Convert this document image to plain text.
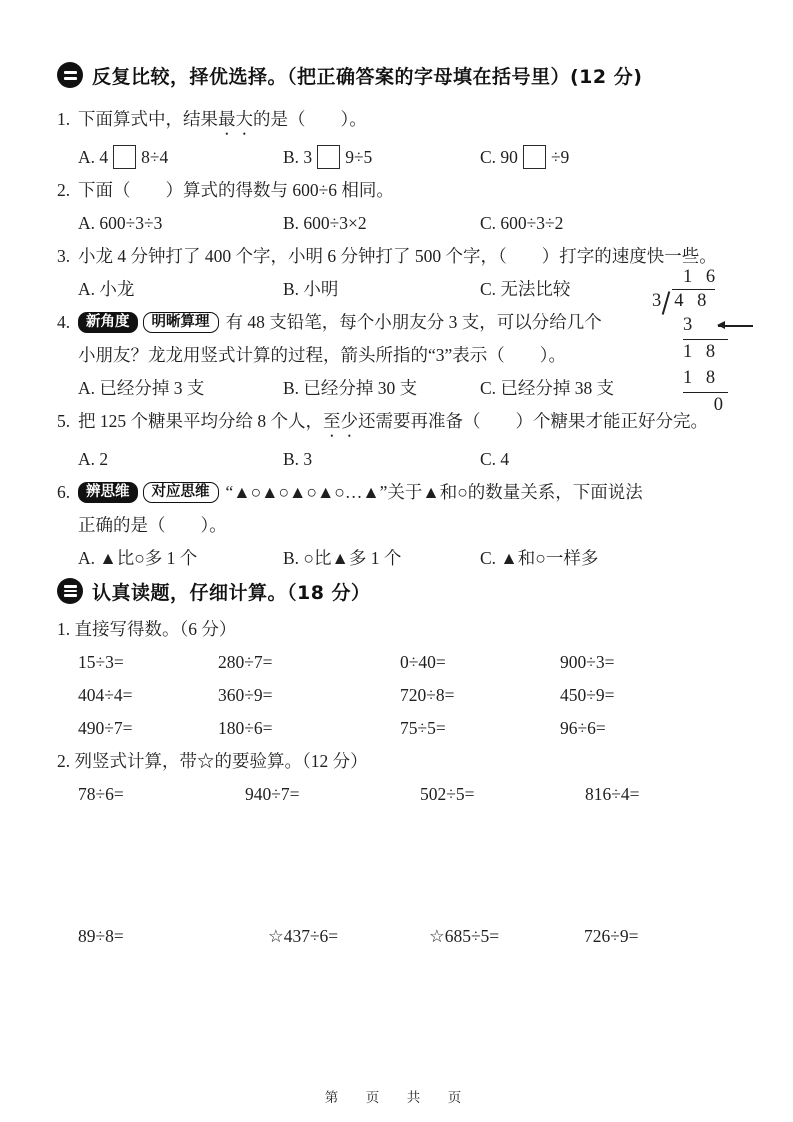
反复比较，择优选择。（把正确答案的字母填在括号里）(12 分)
1. 下面算式中，结果最大的是（　　）。
A. 4 8÷4	B. 3 9÷5	C. 90 ÷9
2. 下面（　　）算式的得数与 600÷6 相同。
A. 600÷3÷3	B. 600÷3×2	C. 600÷3÷2
3. 小龙 4 分钟打了 400 个字，小明 6 分钟打了 500 个字，（　　）打字的速度快一些。
A. 小龙	B. 小明	C. 无法比较
4. 新角度 明晰算理 有 48 支铅笔，每个小朋友分 3 支，可以分给几个
小朋友？龙龙用竖式计算的过程，箭头所指的“3”表示（　　）。
A. 已经分掉 3 支	B. 已经分掉 30 支	C. 已经分掉 38 支
5. 把 125 个糖果平均分给 8 个人，至少还需要再准备（　　）个糖果才能正好分完。
A. 2	B. 3	C. 4
6. 辨思维 对应思维 “▲○▲○▲○▲○…▲”关于▲和○的数量关系，下面说法
正确的是（　　）。
A. ▲比○多 1 个	B. ○比▲多 1 个	C. ▲和○一样多
认真读题，仔细计算。（18 分）
1. 直接写得数。（6 分）
15÷3=	280÷7=	0÷40=	900÷3=
404÷4=	360÷9=	720÷8=	450÷9=
490÷7=	180÷6=	75÷5=	96÷6=
2. 列竖式计算，带☆的要验算。（12 分）
78÷6=	940÷7=	502÷5=	816÷4=
89÷8=	☆437÷6=	☆685÷5=	726÷9=
1 6
3 4 8
3
1 8
1 8
0
第　页　共　页
